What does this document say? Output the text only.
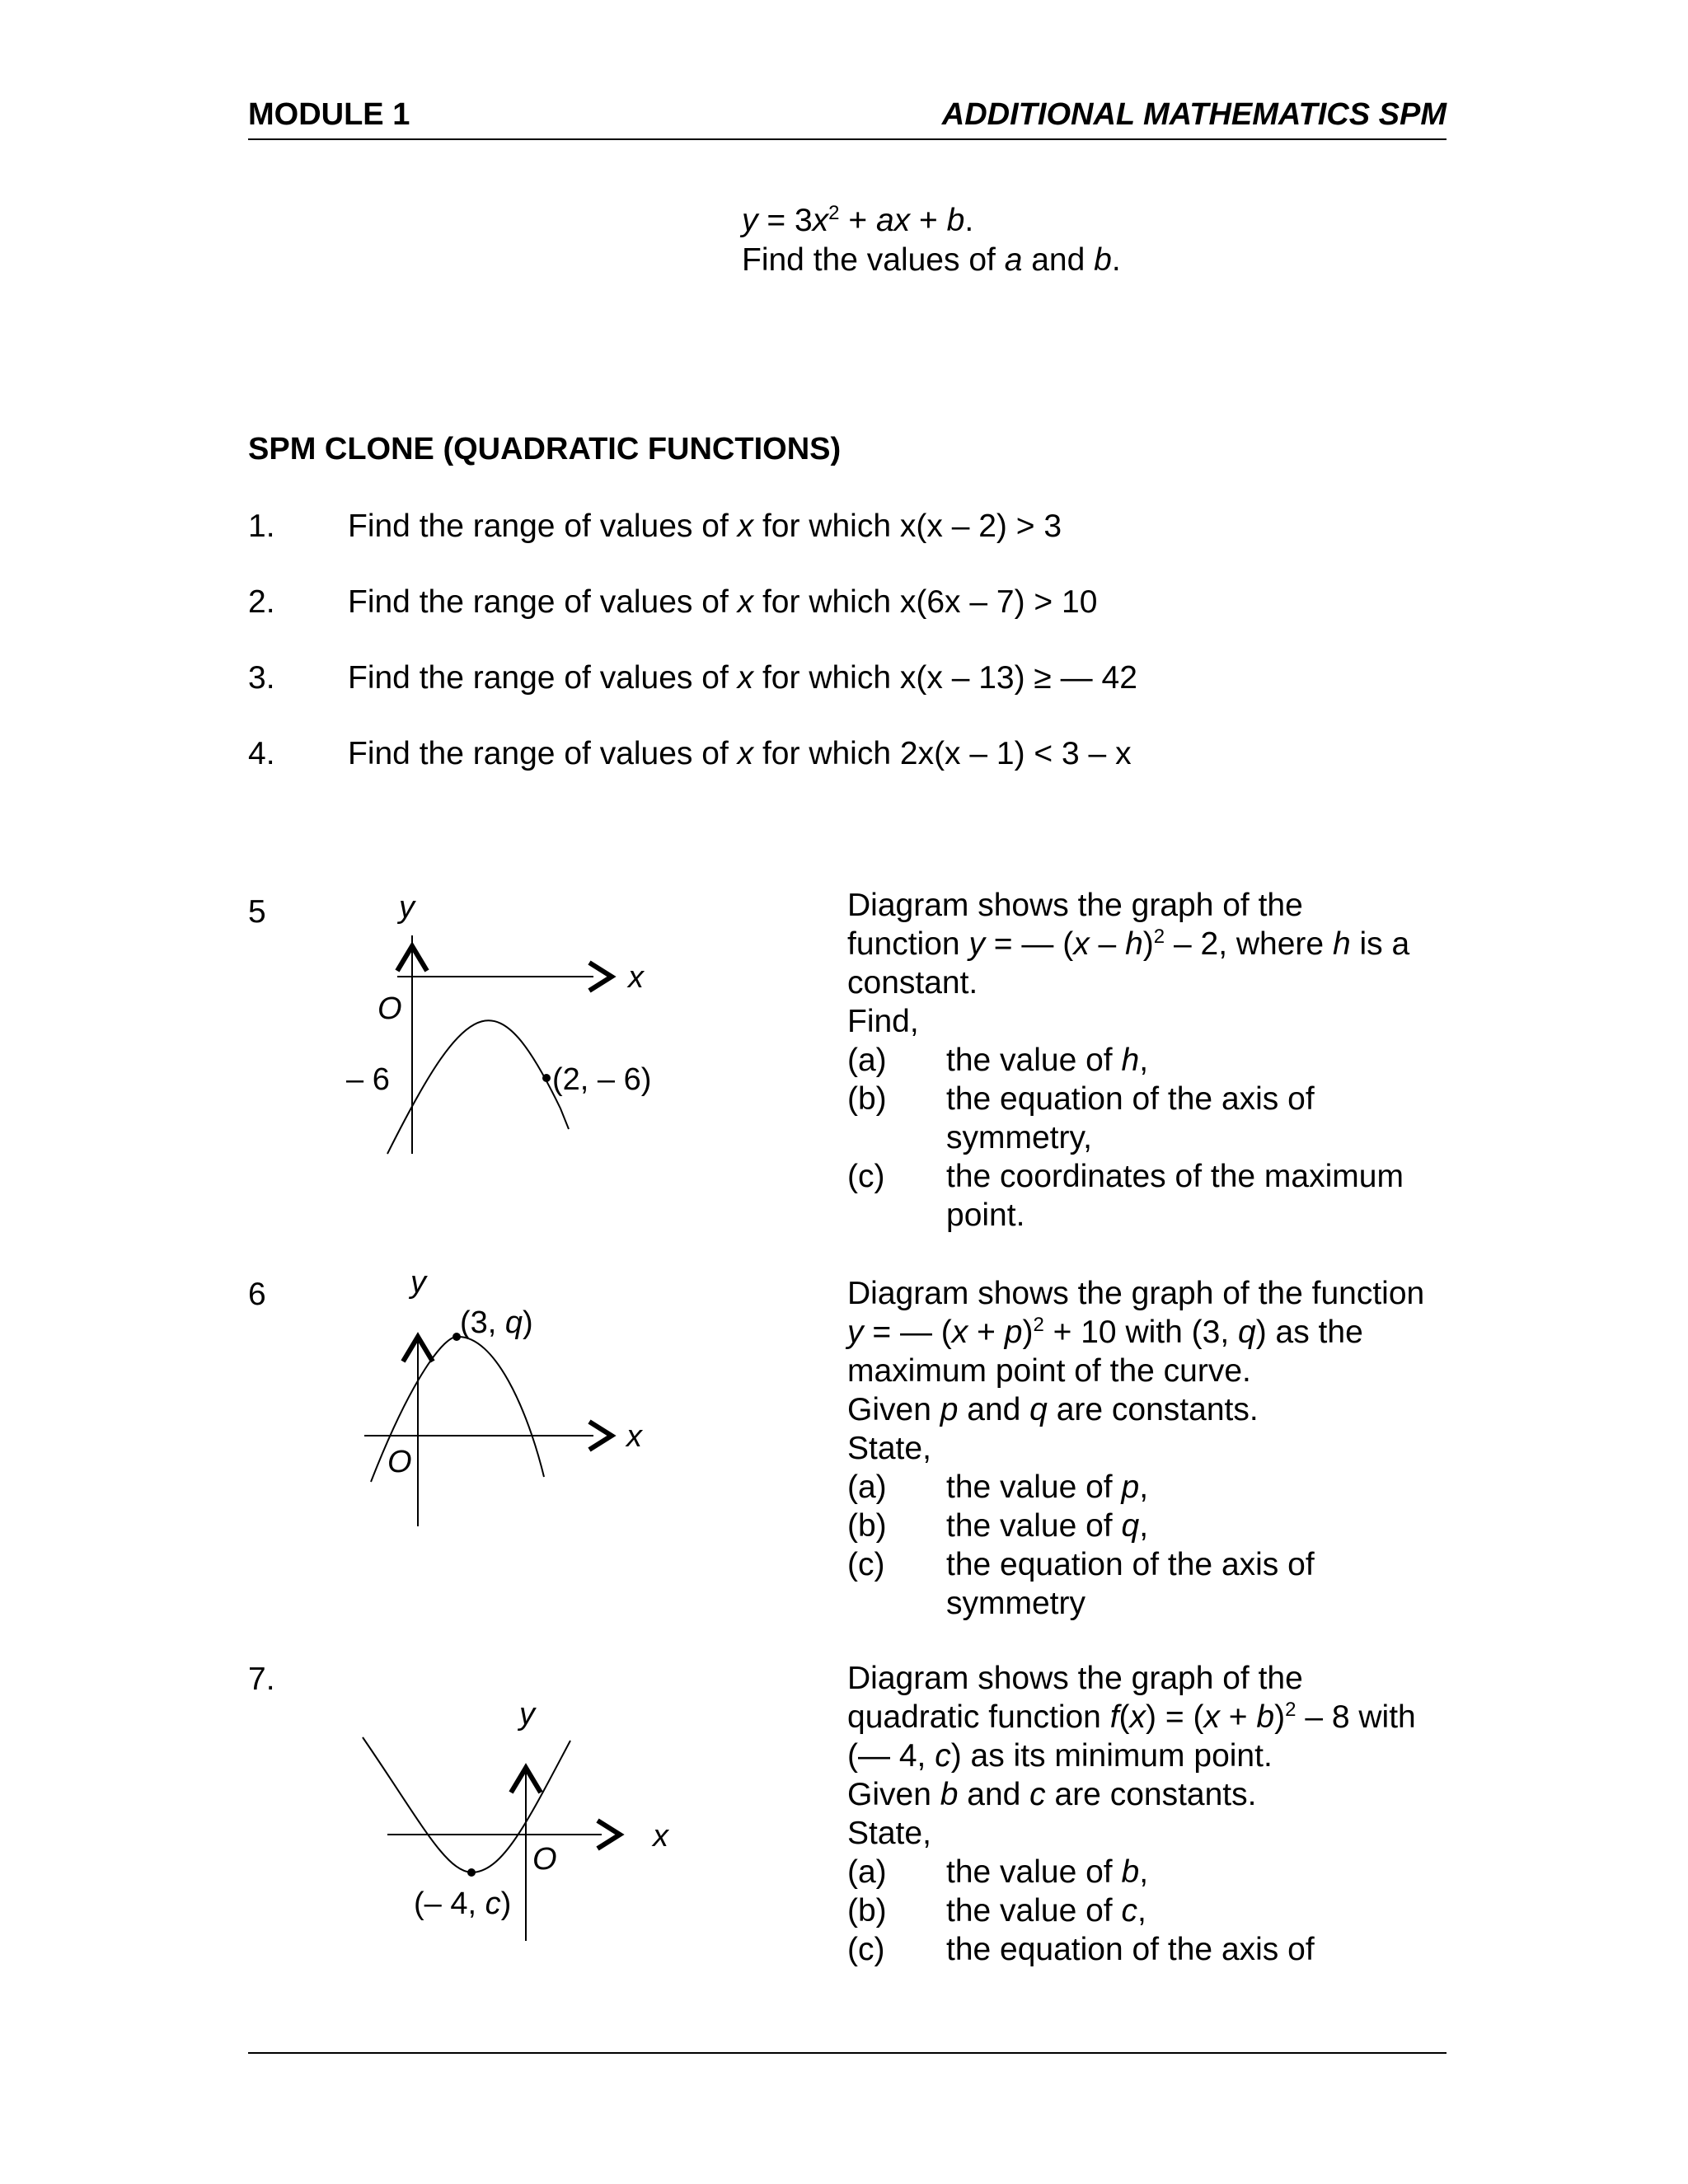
MODULE 1	ADDITIONAL MATHEMATICS SPM
$y = 3x^2$ + ax + b.
Find the values of a and b.
SPM CLONE (QUADRATIC FUNCTIONS)
1. Find the range of values of x for which x(x – 2) > 3
2. Find the range of values of x for which x(6x – 7) > 10
3. Find the range of values of x for which x(x – 13) ≥ — 42
4. Find the range of values of x for which 2x(x – 1) < 3 – x
5	y
x
O
– 6	(2, – 6)
Diagram shows the graph of the
function y = — (x – h)$^2$ – 2, where h is a
constant.
Find,
(a)	the value of h,
(b)	the equation of the axis of
symmetry,
(c)	the coordinates of the maximum
point.
6	y
x
O
(3, q)
Diagram shows the graph of the function
y = — $(x + p)^2 + 10$ with (3, q) as the
maximum point of the curve.
Given p and q are constants.
State,
(a)	the value of p,
(b)	the value of q,
(c)	the equation of the axis of
symmetry
7.
y
x
O
(– 4, c)
Diagram shows the graph of the
quadratic function $f(x) = (x + b)^2 - 8$ with
(— 4, c) as its minimum point.
Given b and c are constants.
State,
(a)	the value of b,
(b)	the value of c,
(c)	the equation of the axis of
